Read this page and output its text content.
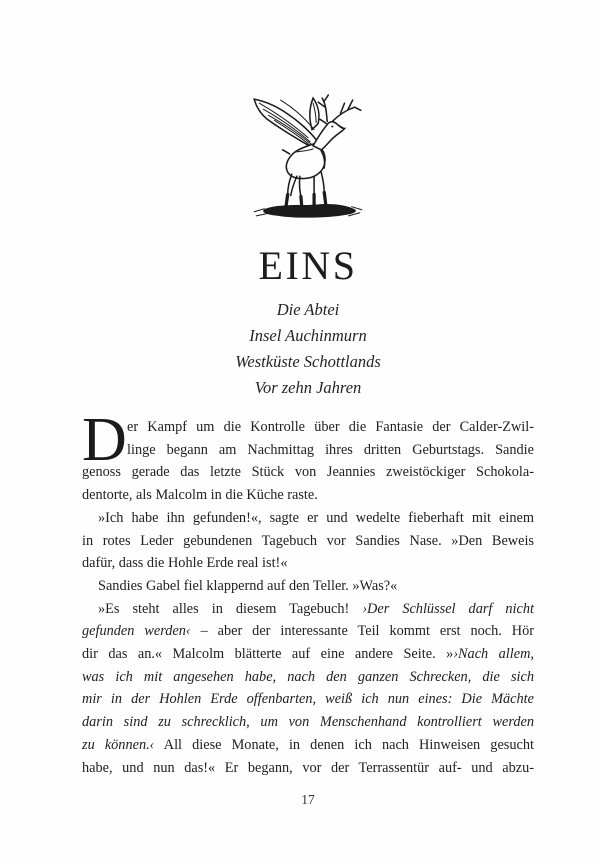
EINS
Die Abtei
Insel Auchinmurn
Westküste Schottlands
Vor zehn Jahren
D er Kampf um die Kontrolle über die Fantasie der Calder-Zwil-
linge begann am Nachmittag ihres dritten Geburtstags. Sandie
genoss gerade das letzte Stück von Jeannies zweistöckiger Schokola-
dentorte, als Malcolm in die Küche raste.
»Ich habe ihn gefunden!«, sagte er und wedelte fieberhaft mit einem
in rotes Leder gebundenen Tagebuch vor Sandies Nase. »Den Beweis
dafür, dass die Hohle Erde real ist!«
Sandies Gabel fiel klappernd auf den Teller. »Was?«
»Es steht alles in diesem Tagebuch! ›Der Schlüssel darf nicht
gefunden werden‹ – aber der interessante Teil kommt erst noch. Hör
dir das an.« Malcolm blätterte auf eine andere Seite. »›Nach allem,
was ich mit angesehen habe, nach den ganzen Schrecken, die sich
mir in der Hohlen Erde offenbarten, weiß ich nun eines: Die Mächte
darin sind zu schrecklich, um von Menschenhand kontrolliert werden
zu können.‹ All diese Monate, in denen ich nach Hinweisen gesucht
habe, und nun das!« Er begann, vor der Terrassentür auf- und abzu-
17
